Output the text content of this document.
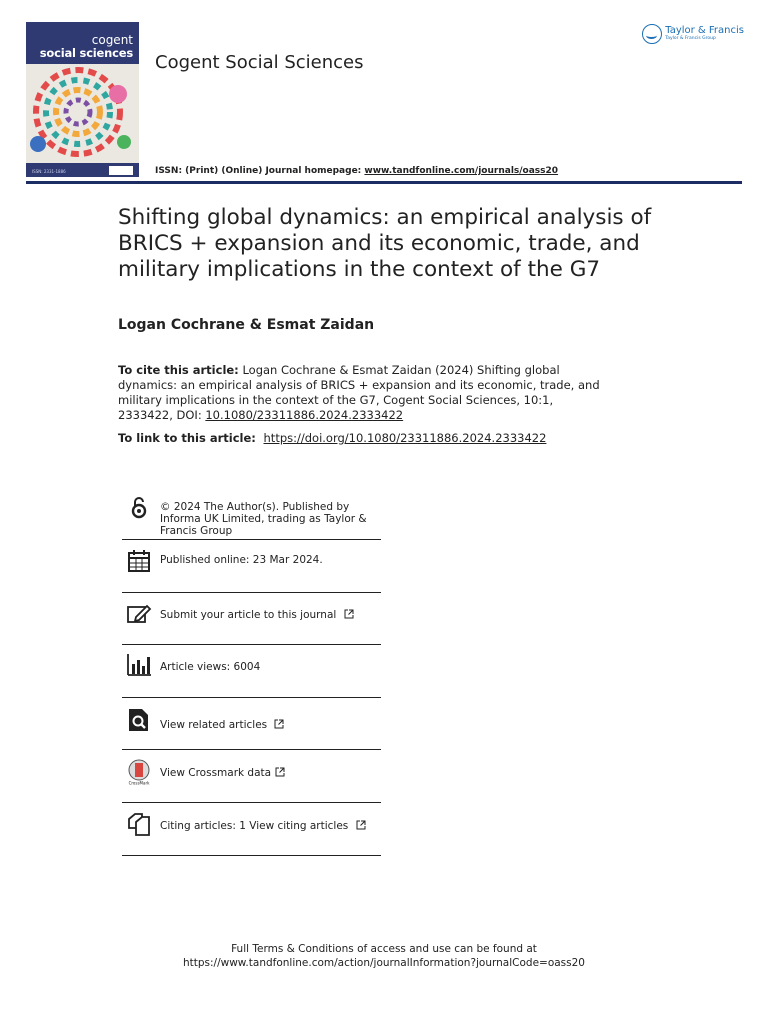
cogent
social sciences
ISSN: 2331-1886
Cogent Social Sciences
Taylor & Francis
Taylor & Francis Group
ISSN: (Print) (Online) Journal homepage: www.tandfonline.com/journals/oass20
Shifting global dynamics: an empirical analysis of BRICS + expansion and its economic, trade, and military implications in the context of the G7
Logan Cochrane & Esmat Zaidan
To cite this article: Logan Cochrane & Esmat Zaidan (2024) Shifting global dynamics: an empirical analysis of BRICS + expansion and its economic, trade, and military implications in the context of the G7, Cogent Social Sciences, 10:1, 2333422, DOI: 10.1080/23311886.2024.2333422
To link to this article: https://doi.org/10.1080/23311886.2024.2333422
© 2024 The Author(s). Published by Informa UK Limited, trading as Taylor & Francis Group
Published online: 23 Mar 2024.
Submit your article to this journal
Article views: 6004
View related articles
CrossMark
View Crossmark data
Citing articles: 1 View citing articles
Full Terms & Conditions of access and use can be found at
https://www.tandfonline.com/action/journalInformation?journalCode=oass20
